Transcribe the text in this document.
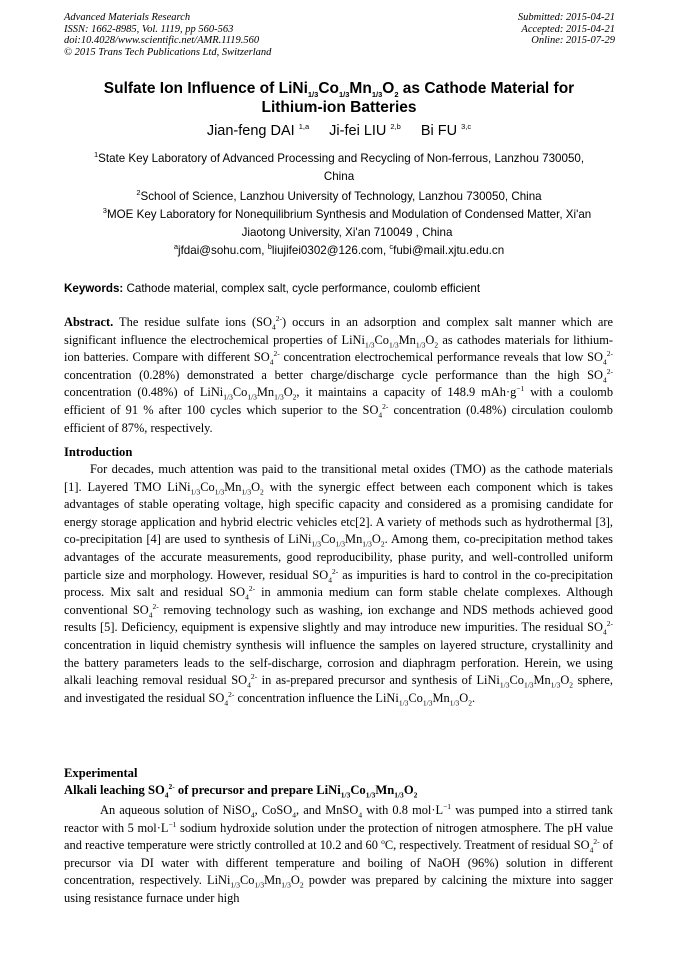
Advanced Materials Research
ISSN: 1662-8985, Vol. 1119, pp 560-563
doi:10.4028/www.scientific.net/AMR.1119.560
© 2015 Trans Tech Publications Ltd, Switzerland
Submitted: 2015-04-21
Accepted: 2015-04-21
Online: 2015-07-29
Sulfate Ion Influence of $LiNi_{1/3}Co_{1/3}Mn_{1/3}O_2$ as Cathode Material for
Lithium-ion Batteries
Jian-feng DAI $^{1,a}$ Ji-fei LIU $^{2,b}$ Bi FU $^{3,c}$
$^1$State Key Laboratory of Advanced Processing and Recycling of Non-ferrous, Lanzhou 730050,
China
$^2$School of Science, Lanzhou University of Technology, Lanzhou 730050, China
$^3$MOE Key Laboratory for Nonequilibrium Synthesis and Modulation of Condensed Matter, Xi'an
Jiaotong University, Xi'an 710049 , China
$^a$jfdai@sohu.com, $^b$liujifei0302@126.com, $^c$fubi@mail.xjtu.edu.cn
Keywords: Cathode material, complex salt, cycle performance, coulomb efficient
Abstract. The residue sulfate ions $(SO_4^{2-})$ occurs in an adsorption and complex salt manner which are significant influence the electrochemical properties of $LiNi_{1/3}Co_{1/3}Mn_{1/3}O_2$ as cathodes materials for lithium-ion batteries. Compare with different $SO_4^{2-}$ concentration electrochemical performance reveals that low $SO_4^{2-}$ concentration (0.28%) demonstrated a better charge/discharge cycle performance than the high $SO_4^{2-}$ concentration (0.48%) of $LiNi_{1/3}Co_{1/3}Mn_{1/3}O_2$, it maintains a capacity of 148.9 $mAh\cdot g^{-1}$ with a coulomb efficient of 91 % after 100 cycles which superior to the $SO_4^{2-}$ concentration (0.48%) circulation coulomb efficient of 87%, respectively.
Introduction
For decades, much attention was paid to the transitional metal oxides (TMO) as the cathode materials [1]. Layered TMO $LiNi_{1/3}Co_{1/3}Mn_{1/3}O_2$ with the synergic effect between each component which is takes advantages of stable operating voltage, high specific capacity and considered as a promising candidate for energy storage application and hybrid electric vehicles etc[2]. A variety of methods such as hydrothermal [3], co-precipitation [4] are used to synthesis of $LiNi_{1/3}Co_{1/3}Mn_{1/3}O_2$. Among them, co-precipitation method takes advantages of the accurate measurements, good reproducibility, phase purity, and well-controlled uniform particle size and morphology. However, residual $SO_4^{2-}$ as impurities is hard to control in the co-precipitation process. Mix salt and residual $SO_4^{2-}$ in ammonia medium can form stable chelate complexes. Although conventional $SO_4^{2-}$ removing technology such as washing, ion exchange and NDS methods achieved good results [5]. Deficiency, equipment is expensive slightly and may introduce new impurities. The residual $SO_4^{2-}$ concentration in liquid chemistry synthesis will influence the samples on layered structure, crystallinity and the battery parameters leads to the self-discharge, corrosion and diaphragm perforation. Herein, we using alkali leaching removal residual $SO_4^{2-}$ in as-prepared precursor and synthesis of $LiNi_{1/3}Co_{1/3}Mn_{1/3}O_2$ sphere, and investigated the residual $SO_4^{2-}$ concentration influence the $LiNi_{1/3}Co_{1/3}Mn_{1/3}O_2$.
Experimental
Alkali leaching $SO_4^{2-}$ of precursor and prepare $LiNi_{1/3}Co_{1/3}Mn_{1/3}O_2$
An aqueous solution of NiSO$_4$, CoSO$_4$, and MnSO$_4$ with 0.8 $mol\cdot L^{-1}$ was pumped into a stirred tank reactor with 5 $mol\cdot L^{-1}$ sodium hydroxide solution under the protection of nitrogen atmosphere. The pH value and reactive temperature were strictly controlled at 10.2 and 60 $^o$C, respectively. Treatment of residual $SO_4^{2-}$ of precursor via DI water with different temperature and boiling of NaOH (96%) solution in different concentration, respectively. $LiNi_{1/3}Co_{1/3}Mn_{1/3}O_2$ powder was prepared by calcining the mixture into sagger using resistance furnace under high
